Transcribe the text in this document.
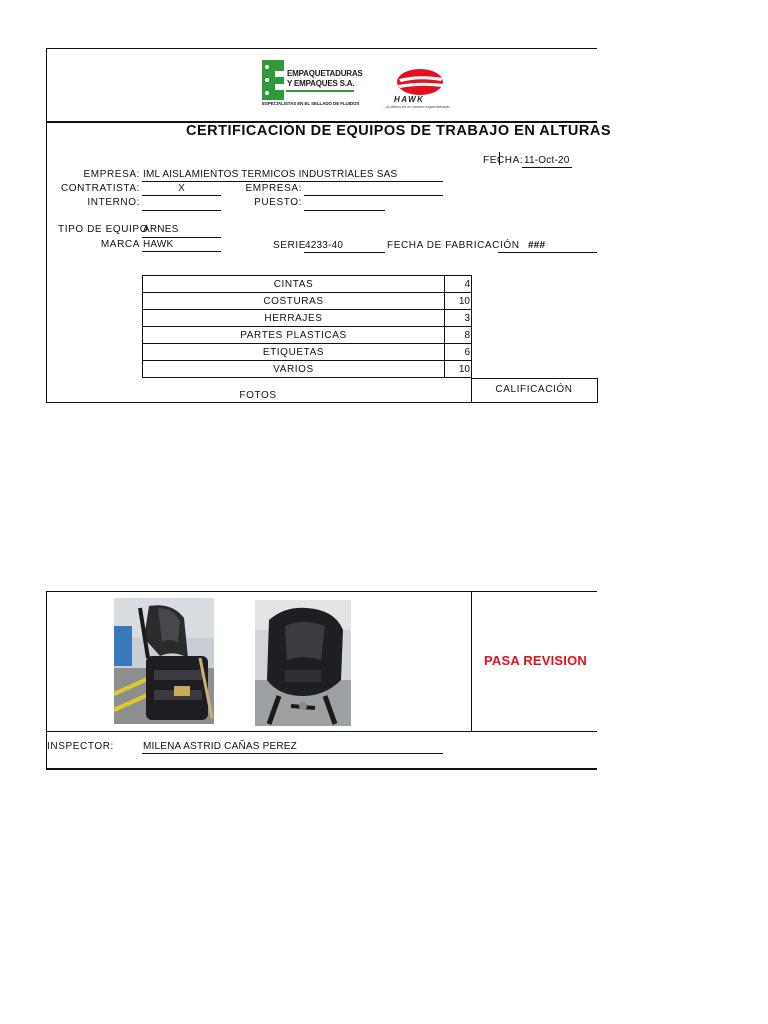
EMPAQUETADURAS
Y EMPAQUES S.A.
ESPECIALISTAS EN EL SELLADO DE FLUIDOS	HAWK
...la Altura es el camino especializado
CERTIFICACIÓN DE EQUIPOS DE TRABAJO EN ALTURAS
FECHA: 11-Oct-20
EMPRESA: IML AISLAMIENTOS TERMICOS INDUSTRIALES SAS
CONTRATISTA:	X	EMPRESA:
INTERNO:	PUESTO:
TIPO DE EQUIPO
ARNES
MARCA HAWK	SERIE
4233-40	FECHA DE FABRICACIÓN ###
CINTAS	4
COSTURAS	10
HERRAJES	3
PARTES PLASTICAS	8
ETIQUETAS	6
VARIOS	10
CALIFICACIÓN
FOTOS
PASA REVISION
INSPECTOR:	MILENA ASTRID CAÑAS PEREZ
